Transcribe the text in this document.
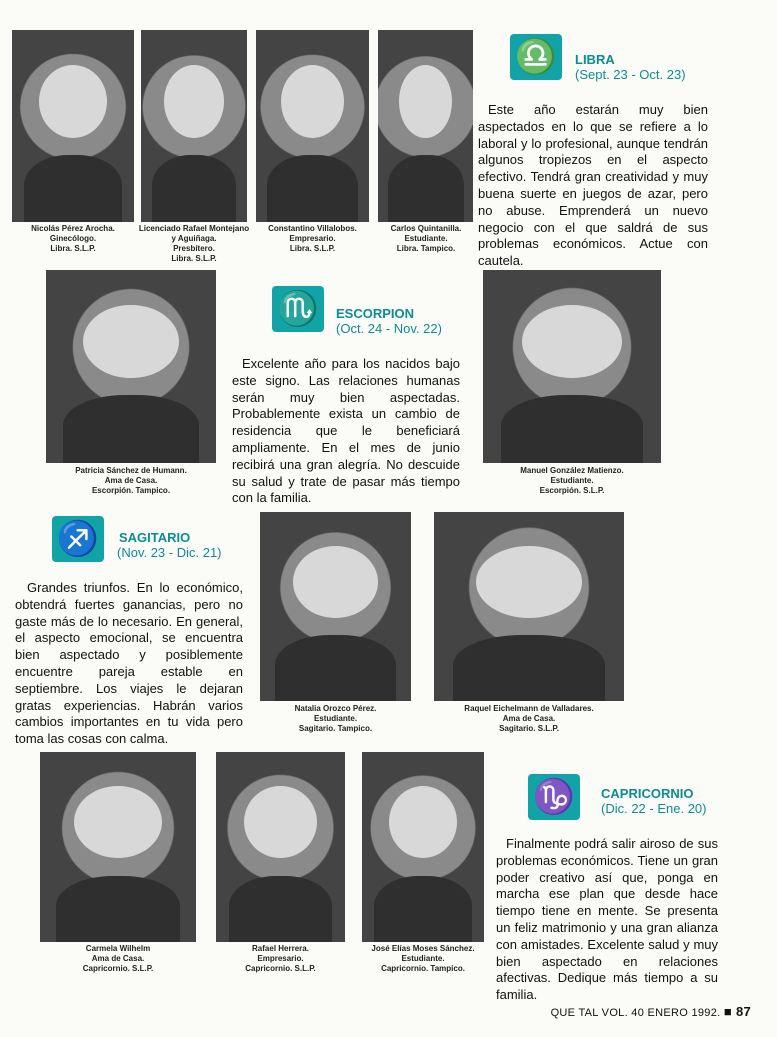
Nicolás Pérez Arocha.
Ginecólogo.
Libra. S.L.P.
Licenciado Rafael Montejano
y Aguiñaga.
Presbítero.
Libra. S.L.P.
Constantino Villalobos.
Empresario.
Libra. S.L.P.
Carlos Quintanilla.
Estudiante.
Libra. Tampico.
♎	LIBRA
(Sept. 23 - Oct. 23)
Este año estarán muy bien aspectados en lo que se refiere a lo laboral y lo profesional, aunque tendrán algunos tropiezos en el aspecto efectivo. Tendrá gran creatividad y muy buena suerte en juegos de azar, pero no abuse. Emprenderá un nuevo negocio con el que saldrá de sus problemas económicos. Actue con cautela.
Patricia Sánchez de Humann.
Ama de Casa.
Escorpión. Tampico.
Manuel González Matienzo.
Estudiante.
Escorpión. S.L.P.
♏	ESCORPION
(Oct. 24 - Nov. 22)
Excelente año para los nacidos bajo este signo. Las relaciones humanas serán muy bien aspectadas. Probablemente exista un cambio de residencia que le beneficiará ampliamente. En el mes de junio recibirá una gran alegría. No descuide su salud y trate de pasar más tiempo con la familia.
♐	SAGITARIO
(Nov. 23 - Dic. 21)
Grandes triunfos. En lo económico, obtendrá fuertes ganancias, pero no gaste más de lo necesario. En general, el aspecto emocional, se encuentra bien aspectado y posiblemente encuentre pareja estable en septiembre. Los viajes le dejaran gratas experiencias. Habrán varios cambios importantes en tu vida pero toma las cosas con calma.
Natalia Orozco Pérez.
Estudiante.
Sagitario. Tampico.
Raquel Eichelmann de Valladares.
Ama de Casa.
Sagitario. S.L.P.
Carmela Wilhelm
Ama de Casa.
Capricornio. S.L.P.
Rafael Herrera.
Empresario.
Capricornio. S.L.P.
José Elías Moses Sánchez.
Estudiante.
Capricornio. Tampico.
♑	CAPRICORNIO
(Dic. 22 - Ene. 20)
Finalmente podrá salir airoso de sus problemas económicos. Tiene un gran poder creativo así que, ponga en marcha ese plan que desde hace tiempo tiene en mente. Se presenta un feliz matrimonio y una gran alianza con amistades. Excelente salud y muy bien aspectado en relaciones afectivas. Dedique más tiempo a su familia.
QUE TAL VOL. 40 ENERO 1992. ■ 87
